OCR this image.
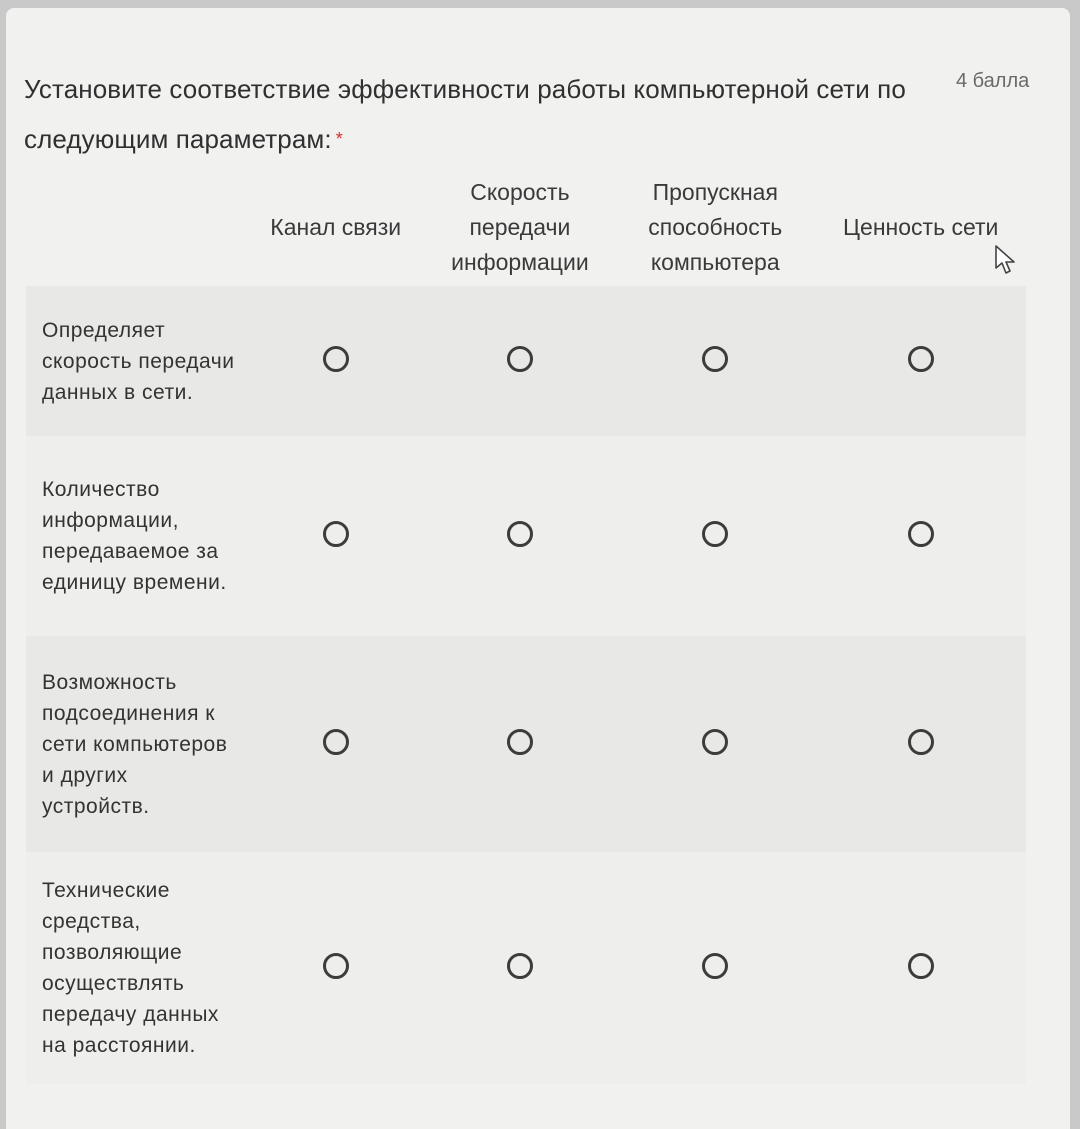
Установите соответствие эффективности работы компьютерной сети по следующим параметрам: *
4 балла
	Канал связи	Скорость передачи информации	Пропускная способность компьютера	Ценность сети
Определяет скорость передачи данных в сети.				
Количество информации, передаваемое за единицу времени.				
Возможность подсоединения к сети компьютеров и других устройств.				
Технические средства, позволяющие осуществлять передачу данных на расстоянии.				
